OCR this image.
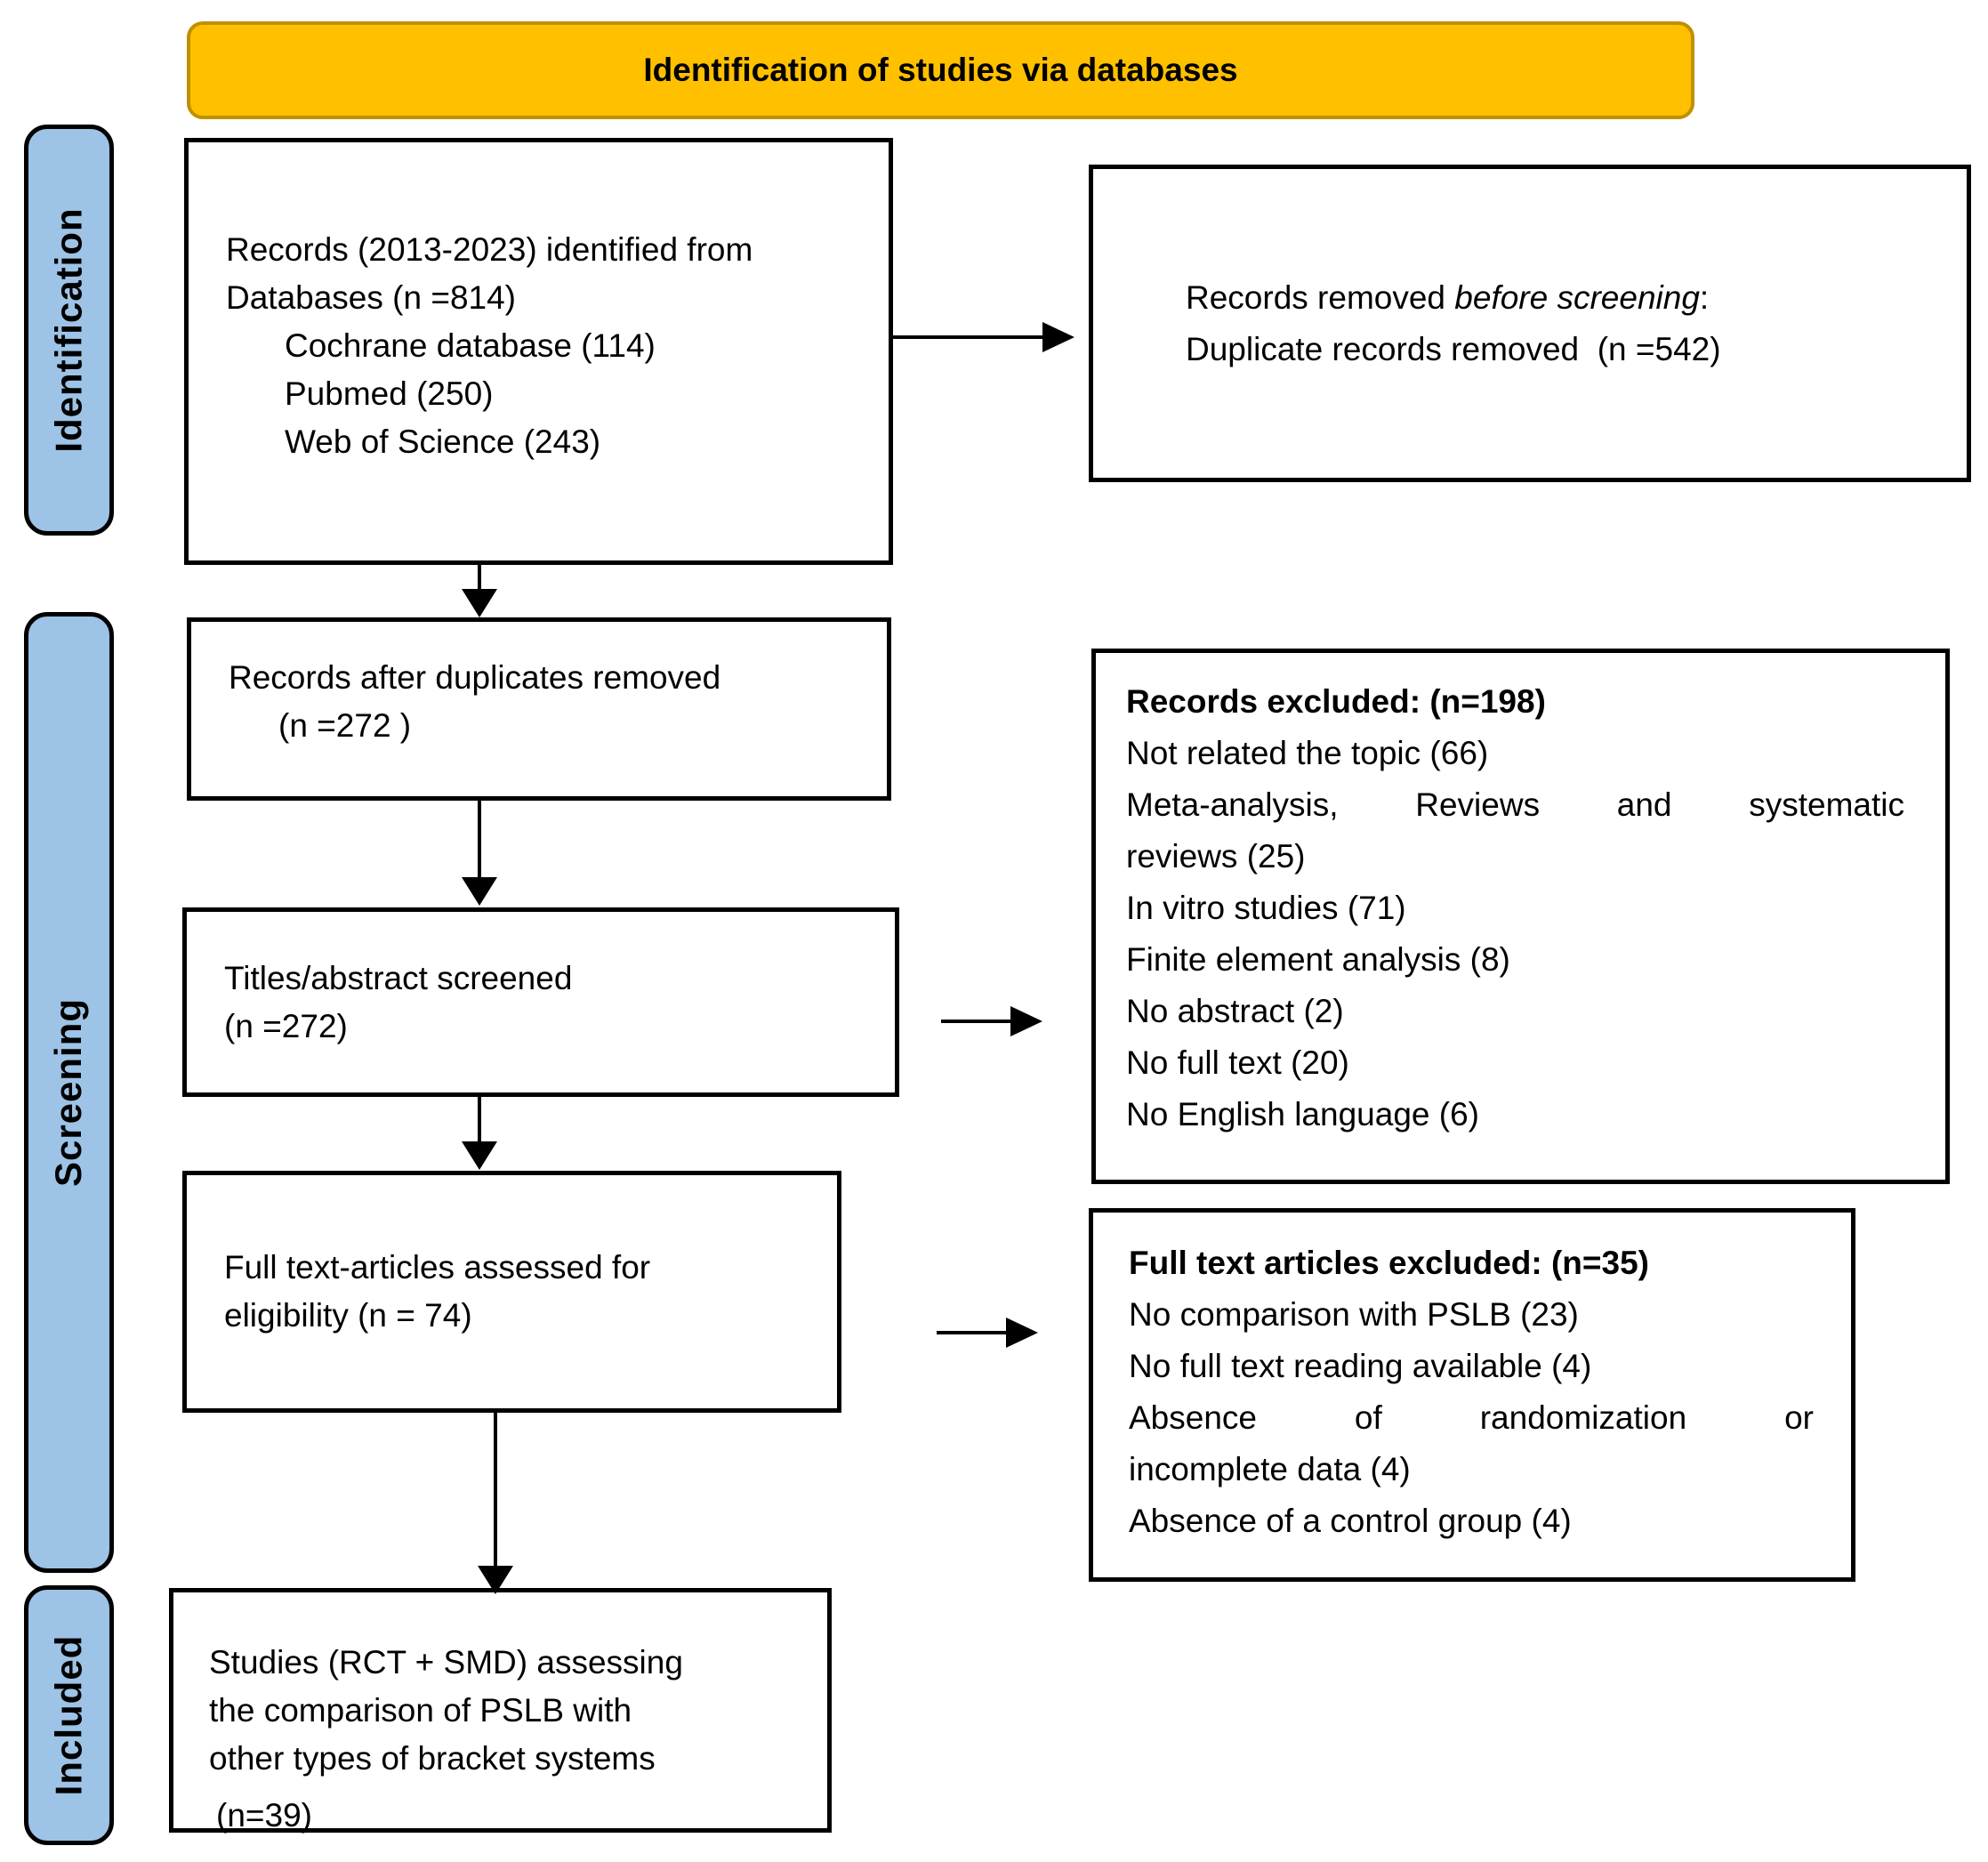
Identification of studies via databases
Identification
Screening
Included
Records (2013-2023) identified from
Databases (n =814)
Cochrane database (114)
Pubmed (250)
Web of Science (243)
Records removed before screening:
Duplicate records removed  (n =542)
Records after duplicates removed
(n =272 )
Records excluded: (n=198)
Not related the topic (66)
Meta-analysis, Reviews and systematic
reviews (25)
In vitro studies (71)
Finite element analysis (8)
No abstract (2)
No full text (20)
No English language (6)
Titles/abstract screened
(n =272)
Full text-articles assessed for
eligibility (n = 74)
Full text articles excluded: (n=35)
No comparison with PSLB (23)
No full text reading available (4)
Absence of randomization or
incomplete data (4)
Absence of a control group (4)
Studies (RCT + SMD) assessing
the comparison of PSLB with
other types of bracket systems
(n=39)
